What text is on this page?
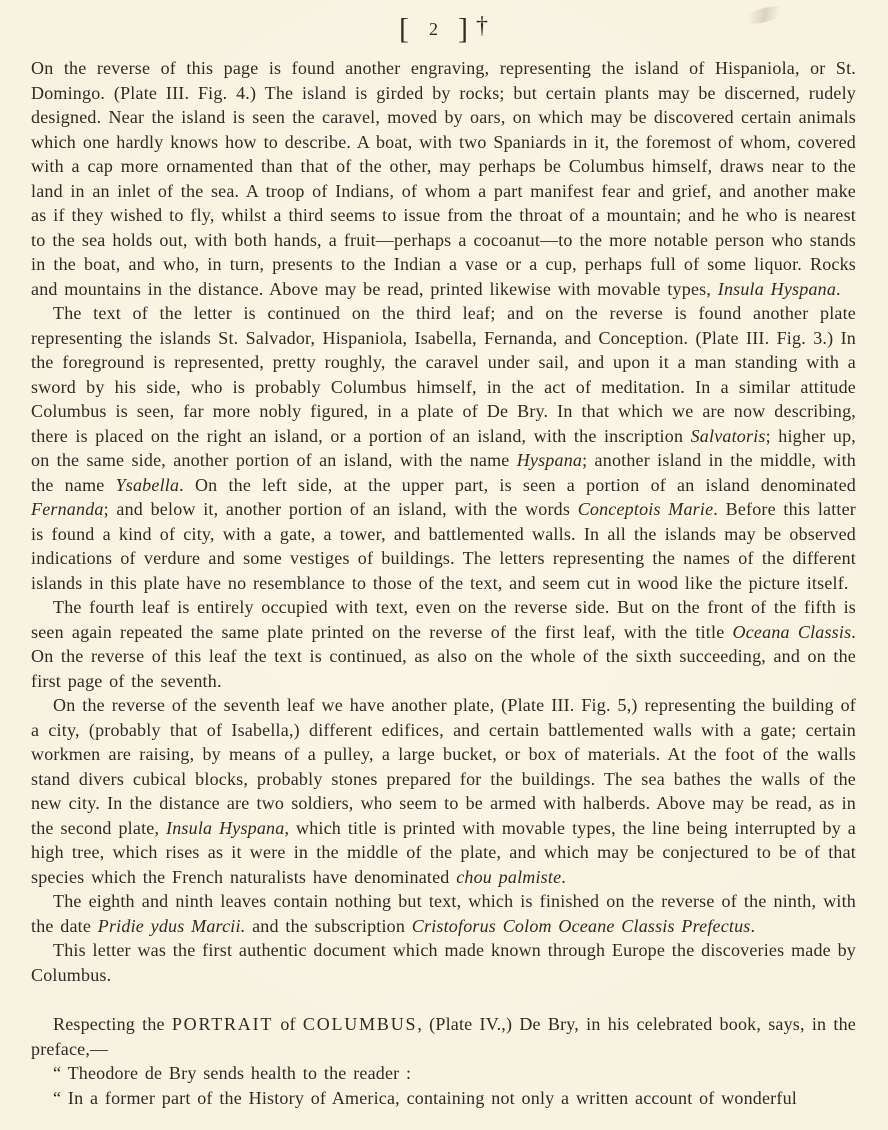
[ 2 ] †

On the reverse of this page is found another engraving, representing the island of Hispaniola, or St. Domingo. (Plate III. Fig. 4.) The island is girded by rocks; but certain plants may be discerned, rudely designed. Near the island is seen the caravel, moved by oars, on which may be discovered certain animals which one hardly knows how to describe. A boat, with two Spaniards in it, the foremost of whom, covered with a cap more ornamented than that of the other, may perhaps be Columbus himself, draws near to the land in an inlet of the sea. A troop of Indians, of whom a part manifest fear and grief, and another make as if they wished to fly, whilst a third seems to issue from the throat of a mountain; and he who is nearest to the sea holds out, with both hands, a fruit—perhaps a cocoanut—to the more notable person who stands in the boat, and who, in turn, presents to the Indian a vase or a cup, perhaps full of some liquor. Rocks and mountains in the distance. Above may be read, printed likewise with movable types, Insula Hyspana.

The text of the letter is continued on the third leaf; and on the reverse is found another plate representing the islands St. Salvador, Hispaniola, Isabella, Fernanda, and Conception. (Plate III. Fig. 3.) In the foreground is represented, pretty roughly, the caravel under sail, and upon it a man standing with a sword by his side, who is probably Columbus himself, in the act of meditation. In a similar attitude Columbus is seen, far more nobly figured, in a plate of De Bry. In that which we are now describing, there is placed on the right an island, or a portion of an island, with the inscription Salvatoris; higher up, on the same side, another portion of an island, with the name Hyspana; another island in the middle, with the name Ysabella. On the left side, at the upper part, is seen a portion of an island denominated Fernanda; and below it, another portion of an island, with the words Conceptois Marie. Before this latter is found a kind of city, with a gate, a tower, and battlemented walls. In all the islands may be observed indications of verdure and some vestiges of buildings. The letters representing the names of the different islands in this plate have no resemblance to those of the text, and seem cut in wood like the picture itself.

The fourth leaf is entirely occupied with text, even on the reverse side. But on the front of the fifth is seen again repeated the same plate printed on the reverse of the first leaf, with the title Oceana Classis. On the reverse of this leaf the text is continued, as also on the whole of the sixth succeeding, and on the first page of the seventh.

On the reverse of the seventh leaf we have another plate, (Plate III. Fig. 5,) representing the building of a city, (probably that of Isabella,) different edifices, and certain battlemented walls with a gate; certain workmen are raising, by means of a pulley, a large bucket, or box of materials. At the foot of the walls stand divers cubical blocks, probably stones prepared for the buildings. The sea bathes the walls of the new city. In the distance are two soldiers, who seem to be armed with halberds. Above may be read, as in the second plate, Insula Hyspana, which title is printed with movable types, the line being interrupted by a high tree, which rises as it were in the middle of the plate, and which may be conjectured to be of that species which the French naturalists have denominated chou palmiste.

The eighth and ninth leaves contain nothing but text, which is finished on the reverse of the ninth, with the date Pridie ydus Marcii. and the subscription Cristoforus Colom Oceane Classis Prefectus.

This letter was the first authentic document which made known through Europe the discoveries made by Columbus.

Respecting the PORTRAIT of COLUMBUS, (Plate IV.,) De Bry, in his celebrated book, says, in the preface,—

“ Theodore de Bry sends health to the reader :

“ In a former part of the History of America, containing not only a written account of wonderful
